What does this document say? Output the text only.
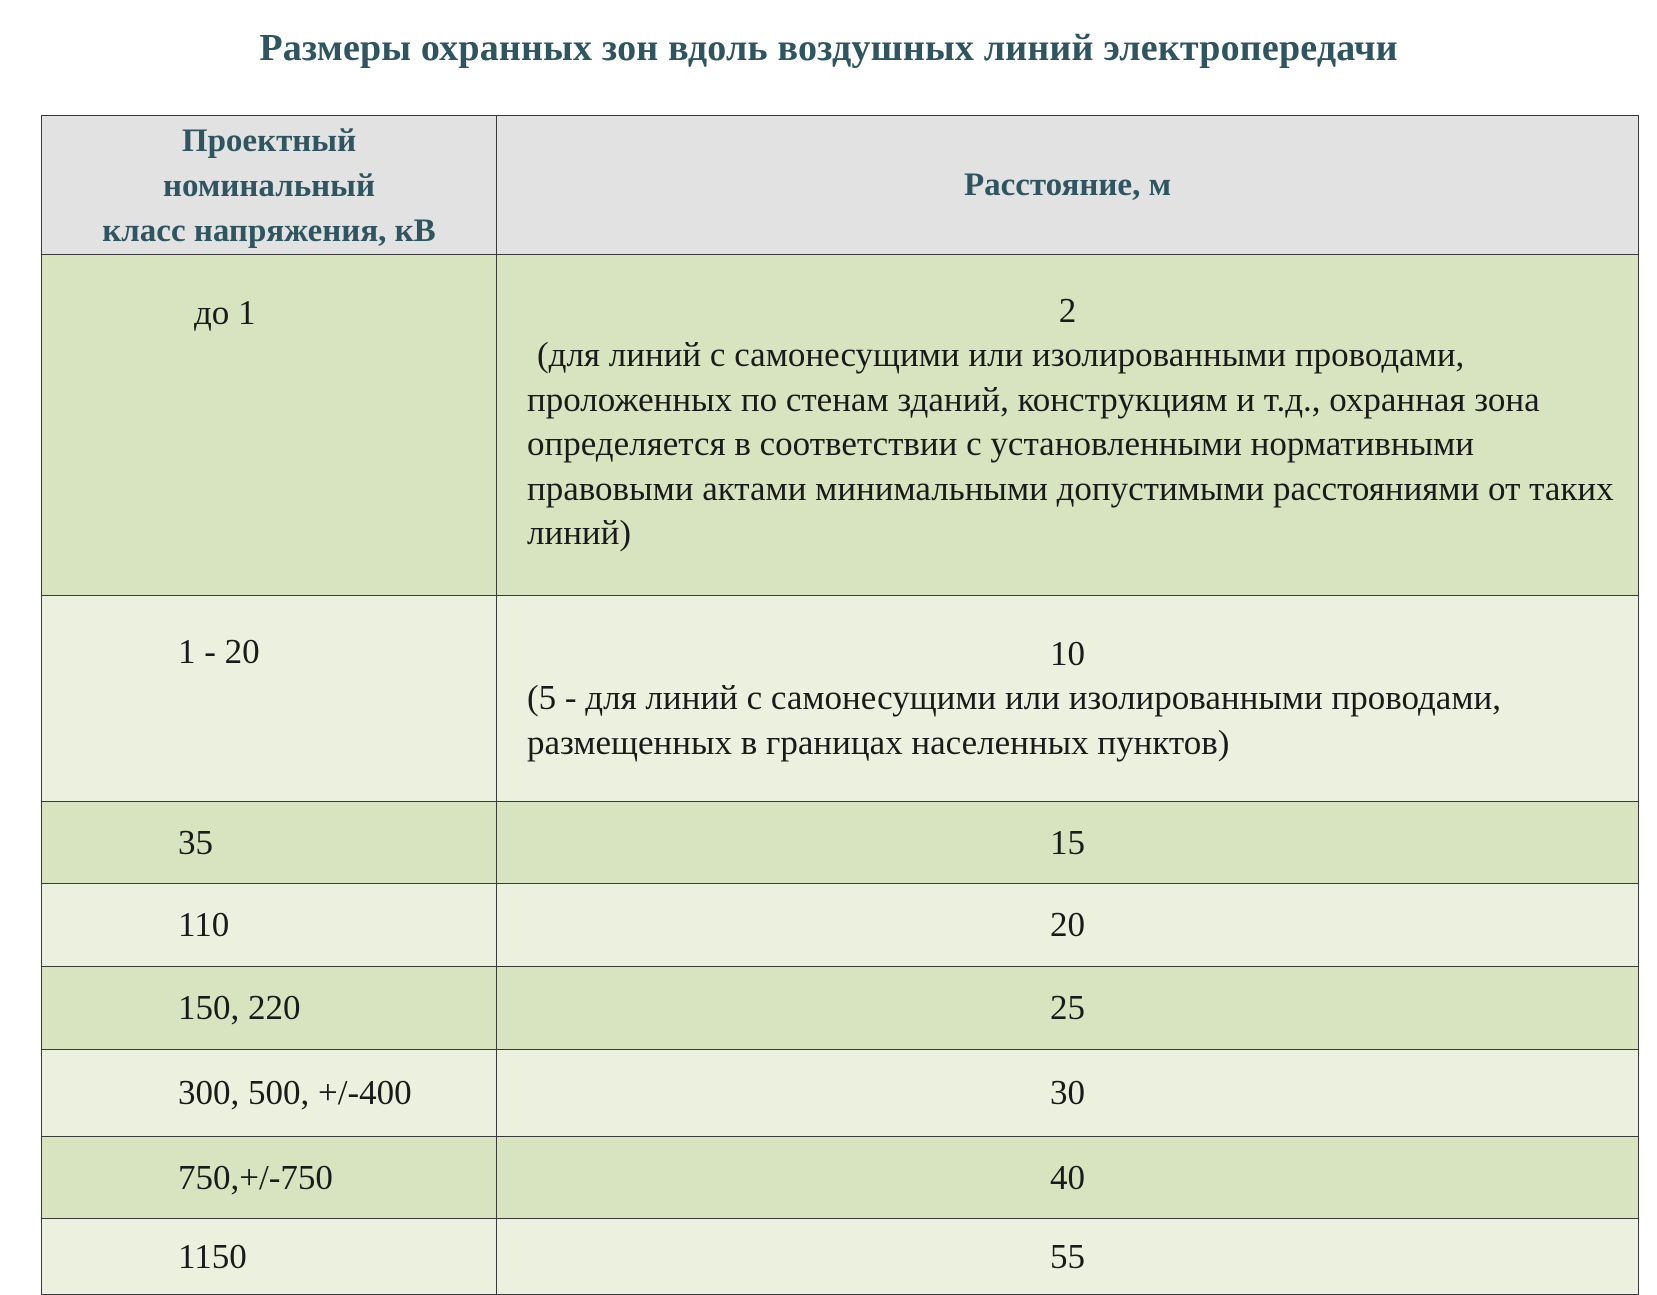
Размеры охранных зон вдоль воздушных линий электропередачи
Проектный
номинальный
класс напряжения, кВ	Расстояние, м
до 1	2
(для линий с самонесущими или изолированными проводами, проложенных по стенам зданий, конструкциям и т.д., охранная зона определяется в соответствии с установленными нормативными правовыми актами минимальными допустимыми расстояниями от таких линий)

1 - 20	10
(5 - для линий с самонесущими или изолированными проводами, размещенных в границах населенных пунктов)

35	15
110	20
150, 220	25
300, 500, +/-400	30
750,+/-750	40
1150	55
